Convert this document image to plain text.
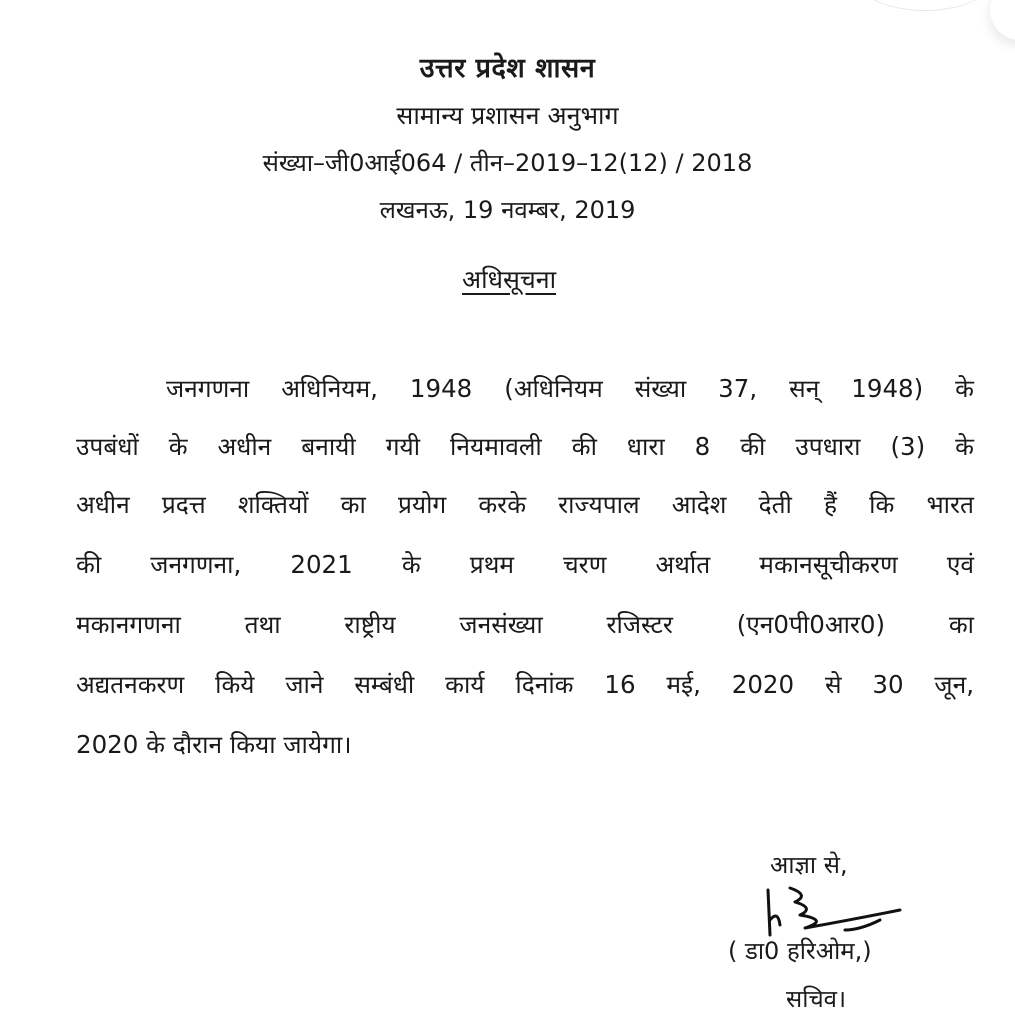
उत्तर प्रदेश शासन
सामान्य प्रशासन अनुभाग
संख्या–जी0आई064 / तीन–2019–12(12) / 2018
लखनऊ, 19 नवम्बर, 2019
अधिसूचना
जनगणना अधिनियम, 1948 (अधिनियम संख्या 37, सन् 1948) के
उपबंधों के अधीन बनायी गयी नियमावली की धारा 8 की उपधारा (3) के
अधीन प्रदत्त शक्तियों का प्रयोग करके राज्यपाल आदेश देती हैं कि भारत
की जनगणना, 2021 के प्रथम चरण अर्थात मकानसूचीकरण एवं
मकानगणना तथा राष्ट्रीय जनसंख्या रजिस्टर (एन0पी0आर0) का
अद्यतनकरण किये जाने सम्बंधी कार्य दिनांक 16 मई, 2020 से 30 जून,
2020 के दौरान किया जायेगा।
आज्ञा से,
( डा0 हरिओम,)
सचिव।
